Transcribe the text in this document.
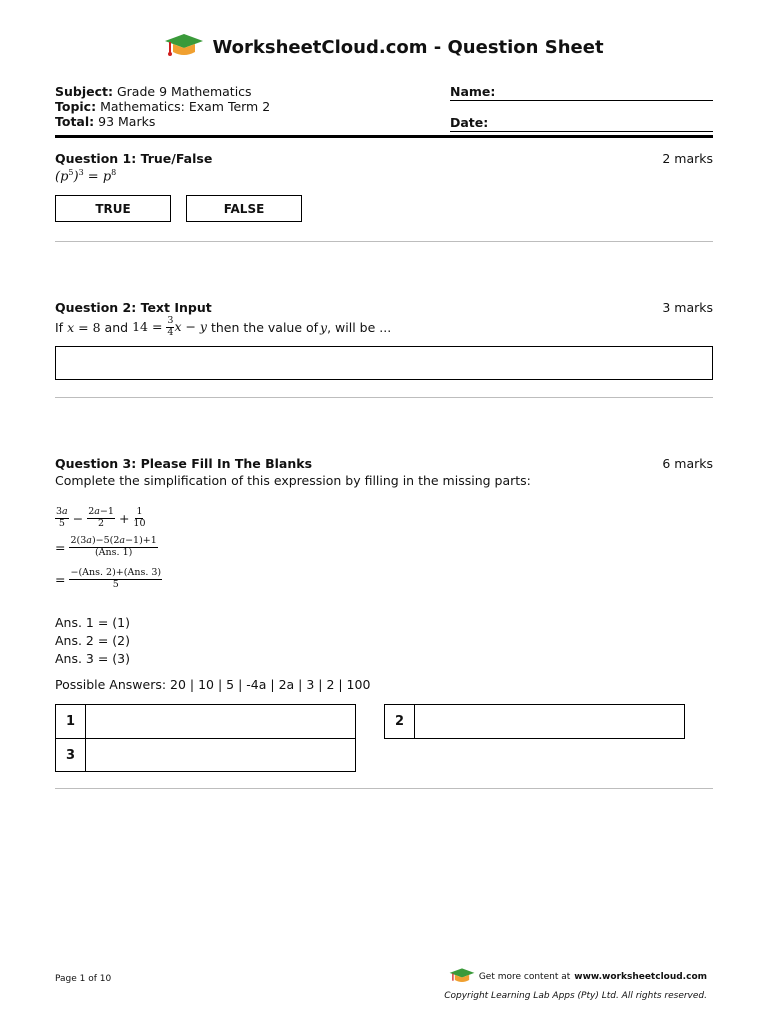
WorksheetCloud.com - Question Sheet
Subject: Grade 9 Mathematics
Topic: Mathematics: Exam Term 2
Total: 93 Marks
Name:
Date:
Question 1: True/False	2 marks
$(p^5)^3 = p^8$
TRUE	FALSE
Question 2: Text Input	3 marks
If x = 8 and $14 = \frac{3}{4}$ x − y then the value of y , will be ...
Question 3: Please Fill In The Blanks	6 marks
Complete the simplification of this expression by filling in the missing parts:
$\frac{3a}{5} - \frac{2a-1}{2} + \frac{1}{10}$
= $\frac{2(3a)-5(2a-1)+1}{\text{(Ans. 1)}}$
= $\frac{\text{−(Ans. 2)+(Ans. 3)}}{5}$
Ans. 1 = (1)
Ans. 2 = (2)
Ans. 3 = (3)
Possible Answers: 20 | 10 | 5 | -4a | 2a | 3 | 2 | 100
1
3
2
Page 1 of 10	Get more content at www.worksheetcloud.com
Copyright Learning Lab Apps (Pty) Ltd. All rights reserved.
